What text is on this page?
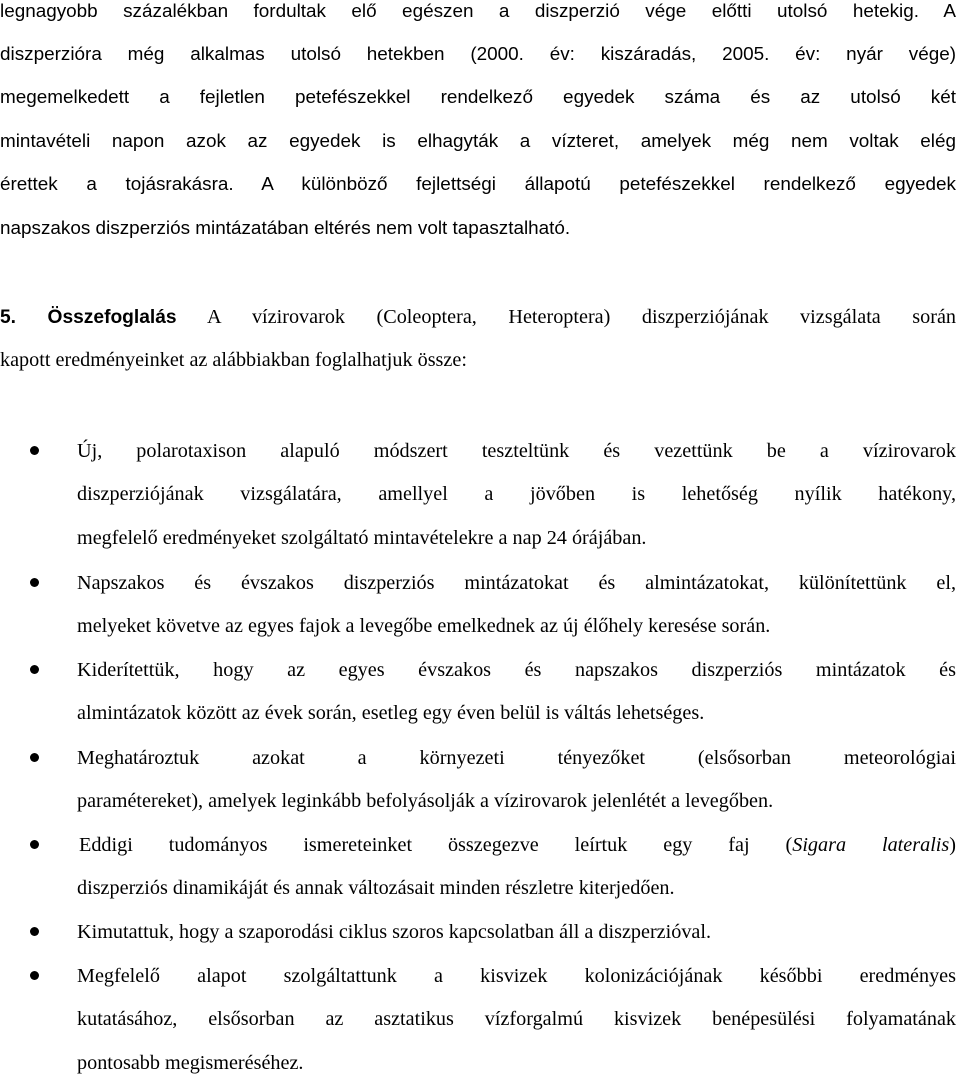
legnagyobb százalékban fordultak elő egészen a diszperzió vége előtti utolsó hetekig. A
diszperzióra még alkalmas utolsó hetekben (2000. év: kiszáradás, 2005. év: nyár vége)
megemelkedett a fejletlen petefészekkel rendelkező egyedek száma és az utolsó két
mintavételi napon azok az egyedek is elhagyták a vízteret, amelyek még nem voltak elég
érettek a tojásrakásra. A különböző fejlettségi állapotú petefészekkel rendelkező egyedek
napszakos diszperziós mintázatában eltérés nem volt tapasztalható.
5. Összefoglalás A vízirovarok (Coleoptera, Heteroptera) diszperziójának vizsgálata során
kapott eredményeinket az alábbiakban foglalhatjuk össze:
Új, polarotaxison alapuló módszert teszteltünk és vezettünk be a vízirovarok
diszperziójának vizsgálatára, amellyel a jövőben is lehetőség nyílik hatékony,
megfelelő eredményeket szolgáltató mintavételekre a nap 24 órájában.
Napszakos és évszakos diszperziós mintázatokat és almintázatokat, különítettünk el,
melyeket követve az egyes fajok a levegőbe emelkednek az új élőhely keresése során.
Kiderítettük, hogy az egyes évszakos és napszakos diszperziós mintázatok és
almintázatok között az évek során, esetleg egy éven belül is váltás lehetséges.
Meghatároztuk azokat a környezeti tényezőket (elsősorban meteorológiai
paramétereket), amelyek leginkább befolyásolják a vízirovarok jelenlétét a levegőben.
Eddigi tudományos ismereteinket összegezve leírtuk egy faj (Sigara lateralis)
diszperziós dinamikáját és annak változásait minden részletre kiterjedően.
Kimutattuk, hogy a szaporodási ciklus szoros kapcsolatban áll a diszperzióval.
Megfelelő alapot szolgáltattunk a kisvizek kolonizációjának későbbi eredményes
kutatásához, elsősorban az asztatikus vízforgalmú kisvizek benépesülési folyamatának
pontosabb megismeréséhez.
